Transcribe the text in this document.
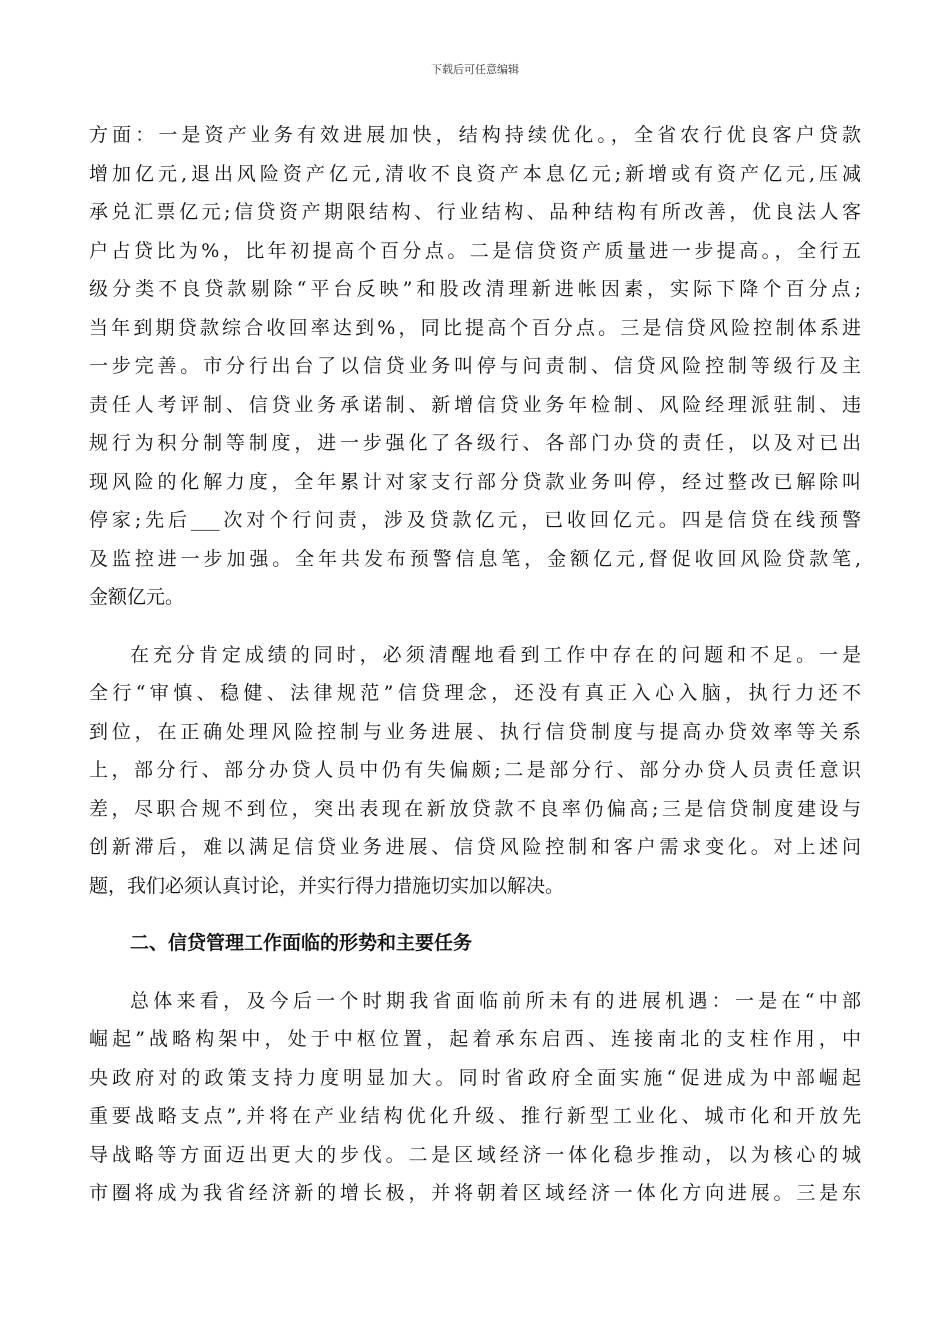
下载后可任意编辑
方面：一是资产业务有效进展加快，结构持续优化。，全省农行优良客户贷款
增加亿元,退出风险资产亿元,清收不良资产本息亿元;新增或有资产亿元,压减
承兑汇票亿元;信贷资产期限结构、行业结构、品种结构有所改善，优良法人客
户占贷比为%，比年初提高个百分点。二是信贷资产质量进一步提高。，全行五
级分类不良贷款剔除“平台反映”和股改清理新进帐因素，实际下降个百分点;
当年到期贷款综合收回率达到%，同比提高个百分点。三是信贷风险控制体系进
一步完善。市分行出台了以信贷业务叫停与问责制、信贷风险控制等级行及主
责任人考评制、信贷业务承诺制、新增信贷业务年检制、风险经理派驻制、违
规行为积分制等制度，进一步强化了各级行、各部门办贷的责任，以及对已出
现风险的化解力度，全年累计对家支行部分贷款业务叫停，经过整改已解除叫
停家;先后___次对个行问责，涉及贷款亿元，已收回亿元。四是信贷在线预警
及监控进一步加强。全年共发布预警信息笔，金额亿元,督促收回风险贷款笔,
金额亿元。
在充分肯定成绩的同时，必须清醒地看到工作中存在的问题和不足。一是
全行“审慎、稳健、法律规范”信贷理念，还没有真正入心入脑，执行力还不
到位，在正确处理风险控制与业务进展、执行信贷制度与提高办贷效率等关系
上，部分行、部分办贷人员中仍有失偏颇;二是部分行、部分办贷人员责任意识
差，尽职合规不到位，突出表现在新放贷款不良率仍偏高;三是信贷制度建设与
创新滞后，难以满足信贷业务进展、信贷风险控制和客户需求变化。对上述问
题，我们必须认真讨论，并实行得力措施切实加以解决。
二、信贷管理工作面临的形势和主要任务
总体来看，及今后一个时期我省面临前所未有的进展机遇：一是在“中部
崛起”战略构架中，处于中枢位置，起着承东启西、连接南北的支柱作用，中
央政府对的政策支持力度明显加大。同时省政府全面实施“促进成为中部崛起
重要战略支点”,并将在产业结构优化升级、推行新型工业化、城市化和开放先
导战略等方面迈出更大的步伐。二是区域经济一体化稳步推动，以为核心的城
市圈将成为我省经济新的增长极，并将朝着区域经济一体化方向进展。三是东
